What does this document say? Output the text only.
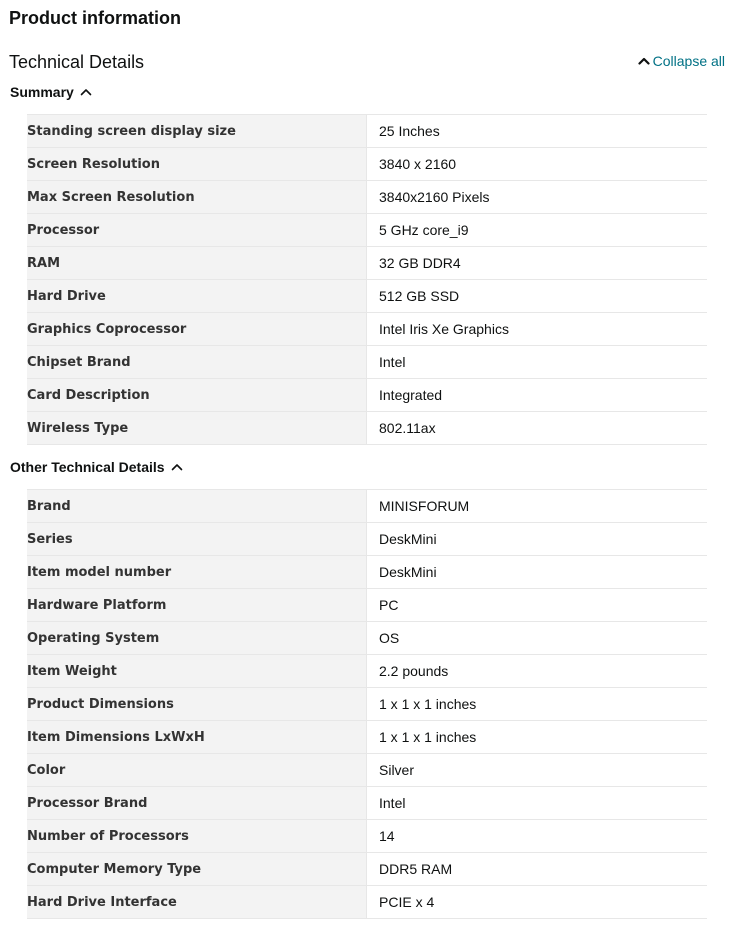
Product information
Technical Details	Collapse all
Summary
Standing screen display size	25 Inches
Screen Resolution	3840 x 2160
Max Screen Resolution	3840x2160 Pixels
Processor	5 GHz core_i9
RAM	32 GB DDR4
Hard Drive	512 GB SSD
Graphics Coprocessor	Intel Iris Xe Graphics
Chipset Brand	Intel
Card Description	Integrated
Wireless Type	802.11ax
Other Technical Details
Brand	MINISFORUM
Series	DeskMini
Item model number	DeskMini
Hardware Platform	PC
Operating System	OS
Item Weight	2.2 pounds
Product Dimensions	1 x 1 x 1 inches
Item Dimensions LxWxH	1 x 1 x 1 inches
Color	Silver
Processor Brand	Intel
Number of Processors	14
Computer Memory Type	DDR5 RAM
Hard Drive Interface	PCIE x 4
